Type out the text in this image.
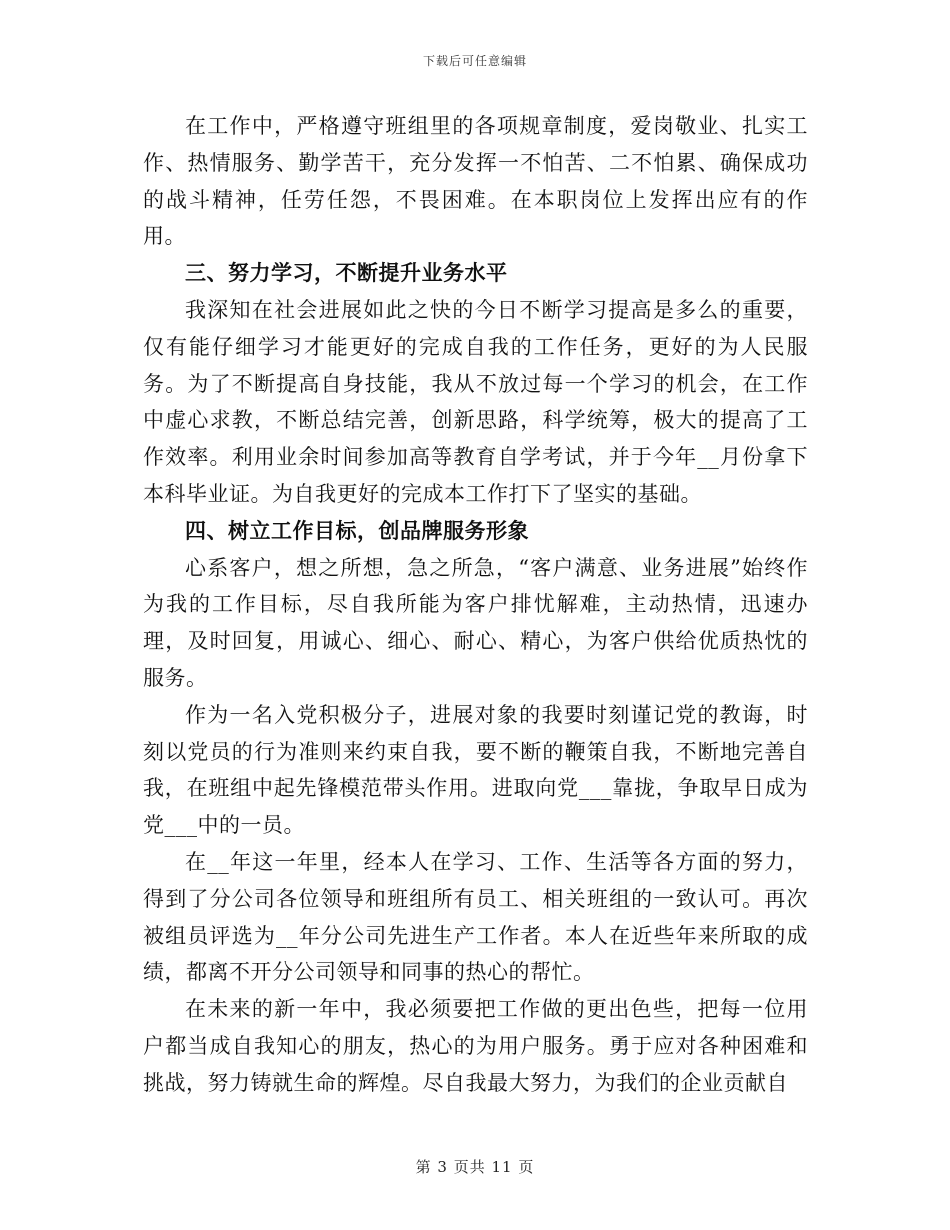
下载后可任意编辑

在工作中，严格遵守班组里的各项规章制度，爱岗敬业、扎实工作、热情服务、勤学苦干，充分发挥一不怕苦、二不怕累、确保成功的战斗精神，任劳任怨，不畏困难。在本职岗位上发挥出应有的作用。

三、努力学习，不断提升业务水平

我深知在社会进展如此之快的今日不断学习提高是多么的重要，仅有能仔细学习才能更好的完成自我的工作任务，更好的为人民服务。为了不断提高自身技能，我从不放过每一个学习的机会，在工作中虚心求教，不断总结完善，创新思路，科学统筹，极大的提高了工作效率。利用业余时间参加高等教育自学考试，并于今年__月份拿下本科毕业证。为自我更好的完成本工作打下了坚实的基础。

四、树立工作目标，创品牌服务形象

心系客户，想之所想，急之所急，“客户满意、业务进展”始终作为我的工作目标，尽自我所能为客户排忧解难，主动热情，迅速办理，及时回复，用诚心、细心、耐心、精心，为客户供给优质热忱的服务。

作为一名入党积极分子，进展对象的我要时刻谨记党的教诲，时刻以党员的行为准则来约束自我，要不断的鞭策自我，不断地完善自我，在班组中起先锋模范带头作用。进取向党___靠拢，争取早日成为党___中的一员。

在__年这一年里，经本人在学习、工作、生活等各方面的努力，得到了分公司各位领导和班组所有员工、相关班组的一致认可。再次被组员评选为__年分公司先进生产工作者。本人在近些年来所取的成绩，都离不开分公司领导和同事的热心的帮忙。

在未来的新一年中，我必须要把工作做的更出色些，把每一位用户都当成自我知心的朋友，热心的为用户服务。勇于应对各种困难和挑战，努力铸就生命的辉煌。尽自我最大努力，为我们的企业贡献自

第 3 页共 11 页
